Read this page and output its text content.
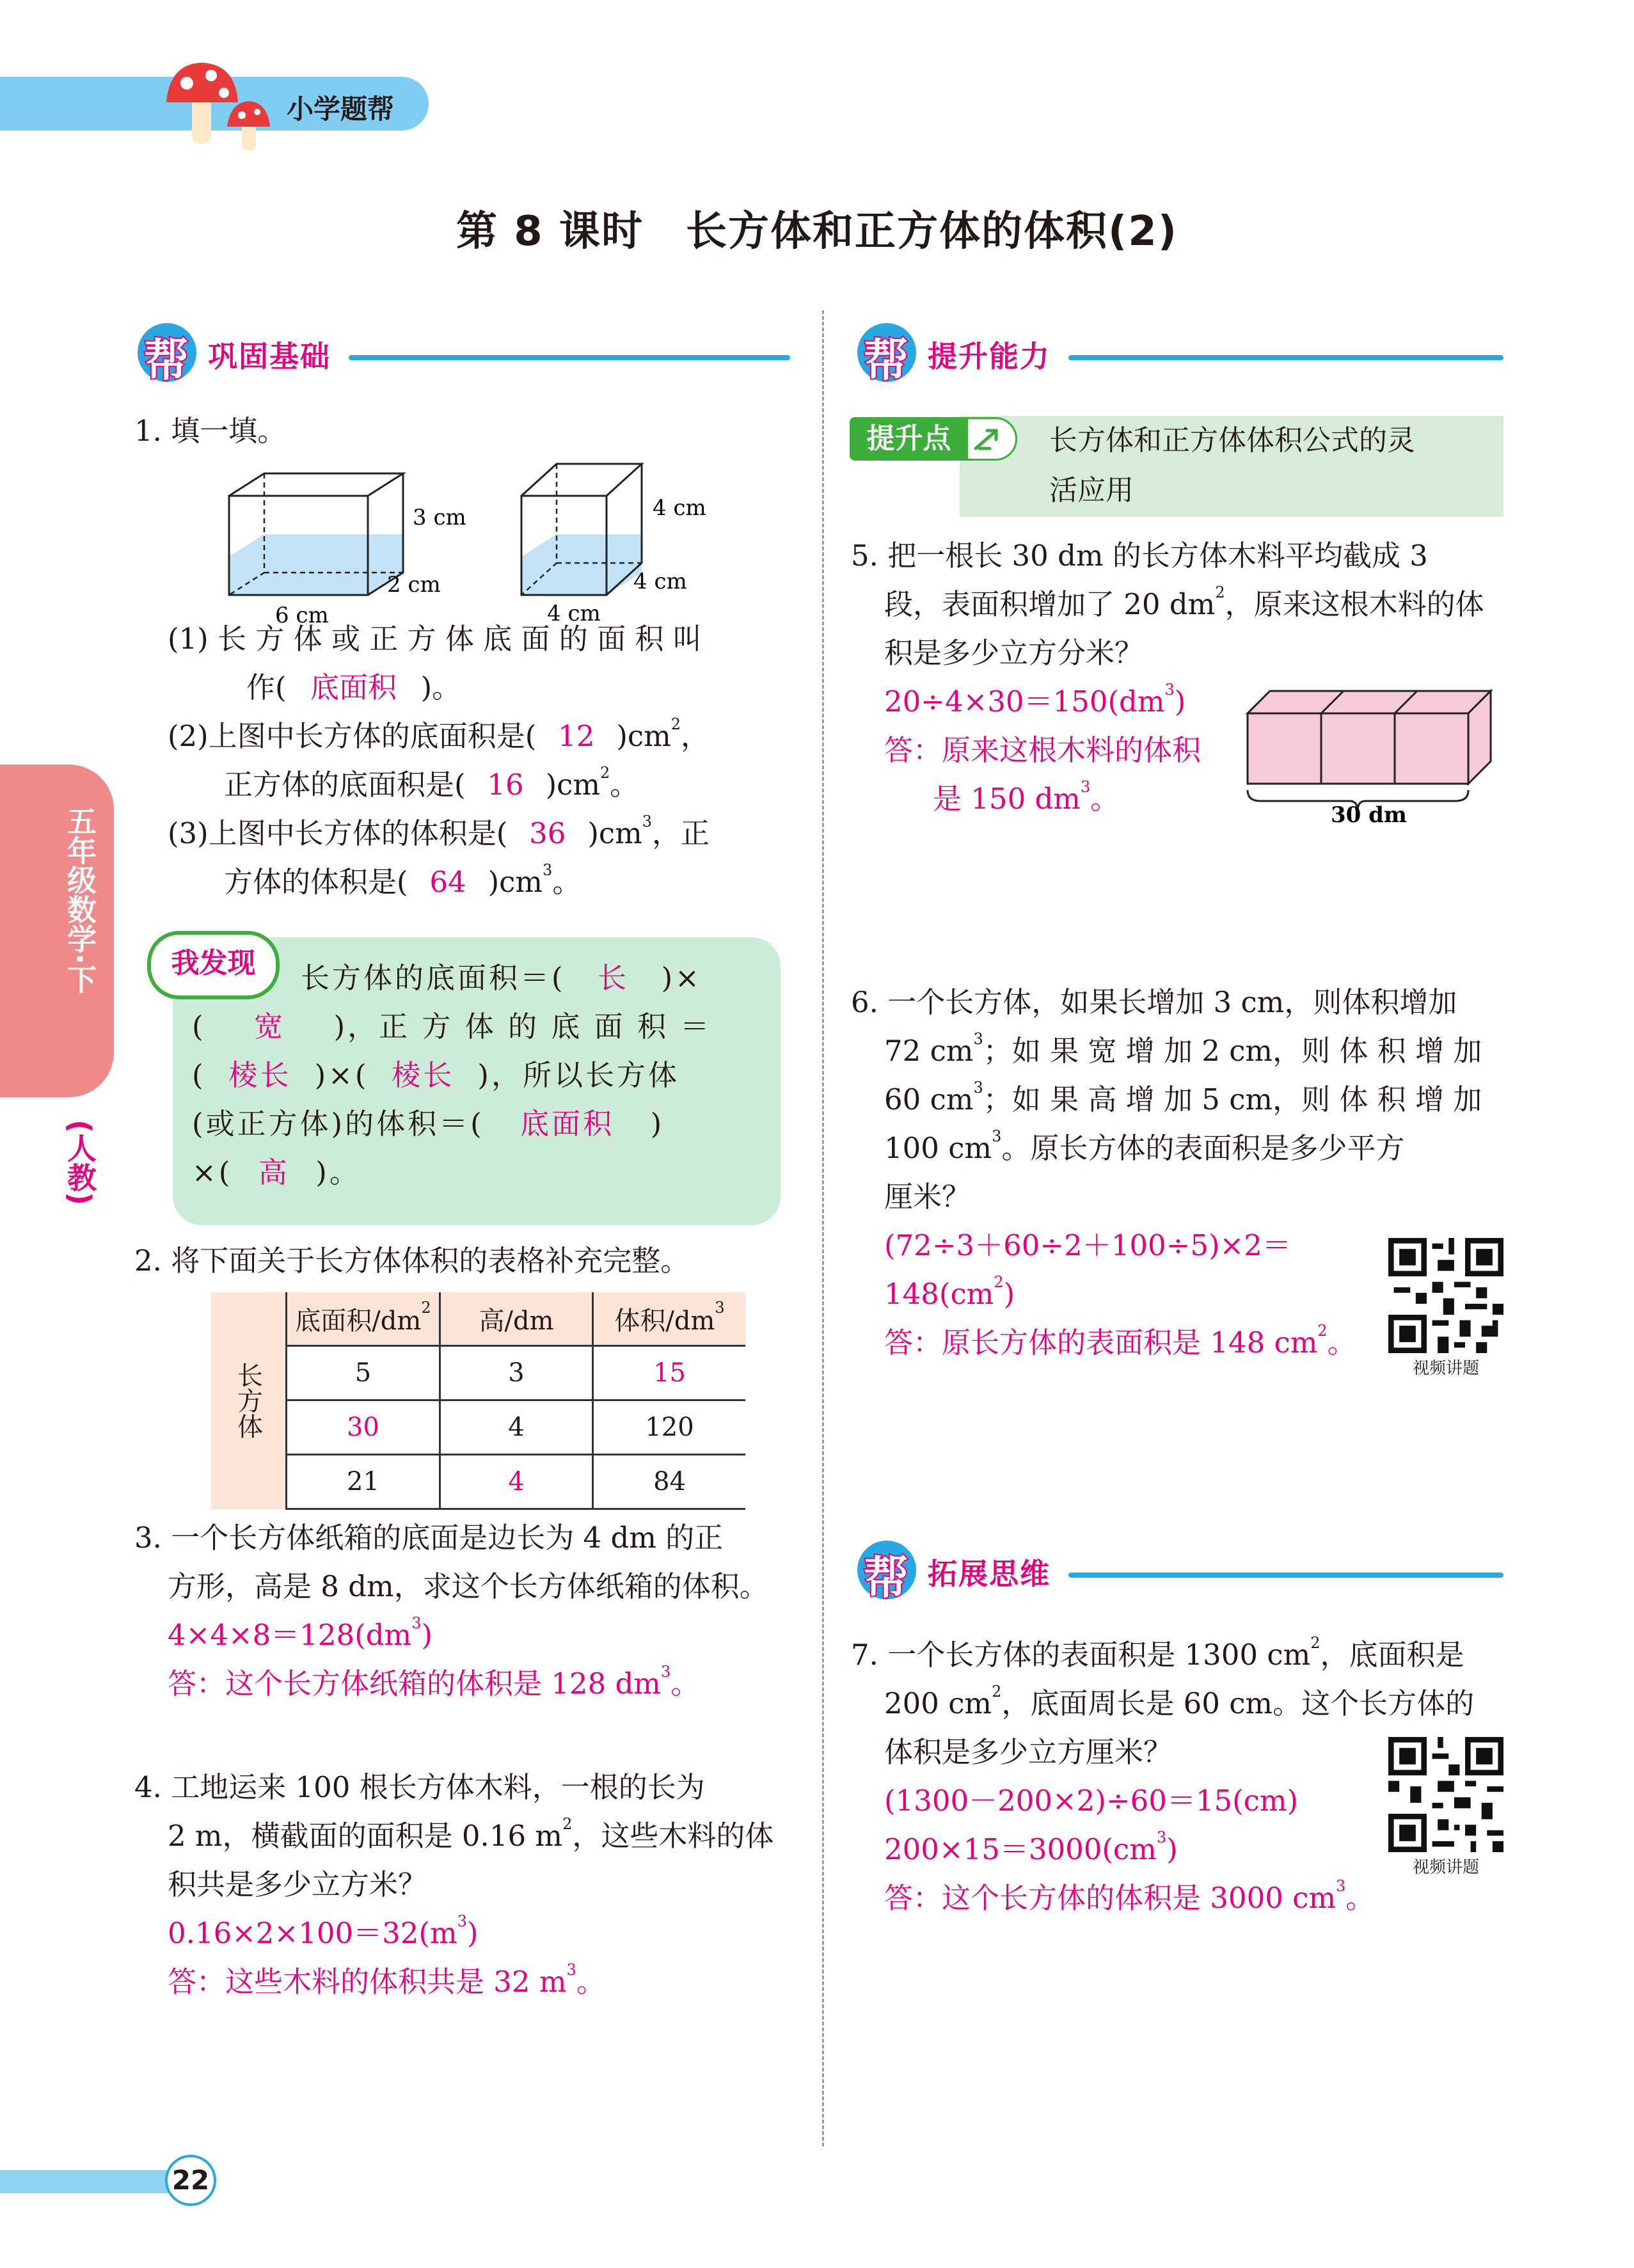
小学题帮
第 8 课时　长方体和正方体的体积(2)
五年级数学·下
(人教)
22
帮 巩固基础
1. 填一填。
3 cm
2 cm
6 cm
4 cm
4 cm
4 cm
(1) 长 方 体 或 正 方 体 底 面 的 面 积 叫
作( 底面积 )。
(2)上图中长方体的底面积是( 12 )$cm^2$，
正方体的底面积是( 16 )$cm^2$。
(3)上图中长方体的体积是( 36 )$cm^3$，正
方体的体积是( 64 )$cm^3$。
我发现	长方体的底面积＝( 长 )×
( 宽 )，正 方 体 的 底 面 积 ＝
( 棱长 )×( 棱长 )，所以长方体
(或正方体)的体积＝( 底面积 )
×( 高 )。
2. 将下面关于长方体体积的表格补充完整。
长方体	底面积$/dm^2$	高/dm	体积$/dm^3$
	5	3	15
	30	4	120
	21	4	84
3. 一个长方体纸箱的底面是边长为 4 dm 的正
方形，高是 8 dm，求这个长方体纸箱的体积。
$4\times 4\times 8=128(dm^3)$
答：这个长方体纸箱的体积是 128 $dm^3$。
4. 工地运来 100 根长方体木料，一根的长为
2 m，横截面的面积是 0.16 $m^2$，这些木料的体
积共是多少立方米？
$0.16\times 2\times 100=32(m^3)$
答：这些木料的体积共是 32 $m^3$。
帮 提升能力
提升点	长方体和正方体体积公式的灵
活应用
5. 把一根长 30 dm 的长方体木料平均截成 3
段，表面积增加了 20 $dm^2$，原来这根木料的体
积是多少立方分米？
$20\div 4\times 30=150(dm^3)$
答：原来这根木料的体积
是 150 $dm^3$。	30 dm
6. 一个长方体，如果长增加 3 cm，则体积增加
72 $cm^3$；如 果 宽 增 加 2 cm，则 体 积 增 加
60 $cm^3$；如 果 高 增 加 5 cm，则 体 积 增 加
100 $cm^3$。原长方体的表面积是多少平方
厘米？
(72÷3＋60÷2＋100÷5)×2＝
$148(cm^2)$
答：原长方体的表面积是 148 $cm^2$。
视频讲题
帮 拓展思维
7. 一个长方体的表面积是 1300 $cm^2$，底面积是
200 $cm^2$，底面周长是 60 cm。这个长方体的
体积是多少立方厘米？
(1300－200×2)÷60＝15(cm)
$200\times 15=3000(cm^3)$
答：这个长方体的体积是 3000 $cm^3$。
视频讲题
